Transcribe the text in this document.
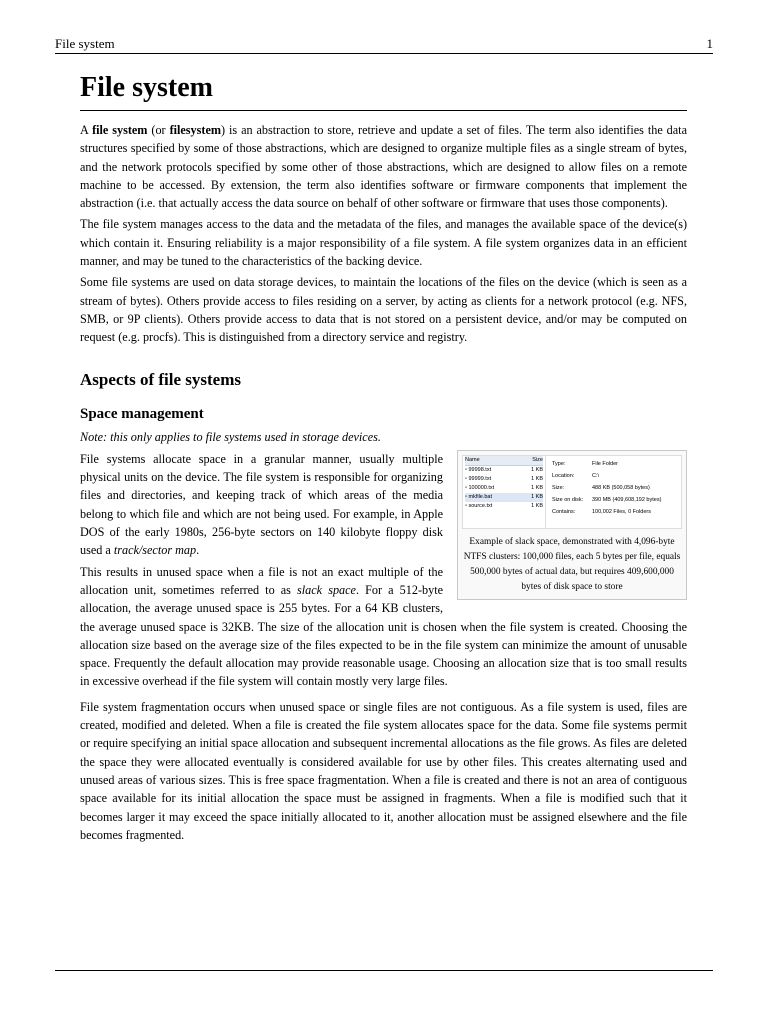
File system	1
File system

A file system (or filesystem) is an abstraction to store, retrieve and update a set of files. The term also identifies the data structures specified by some of those abstractions, which are designed to organize multiple files as a single stream of bytes, and the network protocols specified by some other of those abstractions, which are designed to allow files on a remote machine to be accessed. By extension, the term also identifies software or firmware components that implement the abstraction (i.e. that actually access the data source on behalf of other software or firmware that uses those components).

The file system manages access to the data and the metadata of the files, and manages the available space of the device(s) which contain it. Ensuring reliability is a major responsibility of a file system. A file system organizes data in an efficient manner, and may be tuned to the characteristics of the backing device.

Some file systems are used on data storage devices, to maintain the locations of the files on the device (which is seen as a stream of bytes). Others provide access to files residing on a server, by acting as clients for a network protocol (e.g. NFS, SMB, or 9P clients). Others provide access to data that is not stored on a persistent device, and/or may be computed on request (e.g. procfs). This is distinguished from a directory service and registry.

Aspects of file systems
Space management

Note: this only applies to file systems used in storage devices.

Name	Size
▫ 99998.txt	1 KB
▫ 99999.txt	1 KB
▫ 100000.txt	1 KB
▫ mkfile.bat	1 KB
▫ source.txt	1 KB
Type:	File Folder
Location:	C:\
Size:	488 KB (500,058 bytes)
Size on disk:	390 MB (409,608,192 bytes)
Contains:	100,002 Files, 0 Folders
Example of slack space, demonstrated with 4,096-byte NTFS clusters: 100,000 files, each 5 bytes per file, equals 500,000 bytes of actual data, but requires 409,600,000 bytes of disk space to store

File systems allocate space in a granular manner, usually multiple physical units on the device. The file system is responsible for organizing files and directories, and keeping track of which areas of the media belong to which file and which are not being used. For example, in Apple DOS of the early 1980s, 256-byte sectors on 140 kilobyte floppy disk used a track/sector map.

This results in unused space when a file is not an exact multiple of the allocation unit, sometimes referred to as slack space. For a 512-byte allocation, the average unused space is 255 bytes. For a 64 KB clusters, the average unused space is 32KB. The size of the allocation unit is chosen when the file system is created. Choosing the allocation size based on the average size of the files expected to be in the file system can minimize the amount of unusable space. Frequently the default allocation may provide reasonable usage. Choosing an allocation size that is too small results in excessive overhead if the file system will contain mostly very large files.

File system fragmentation occurs when unused space or single files are not contiguous. As a file system is used, files are created, modified and deleted. When a file is created the file system allocates space for the data. Some file systems permit or require specifying an initial space allocation and subsequent incremental allocations as the file grows. As files are deleted the space they were allocated eventually is considered available for use by other files. This creates alternating used and unused areas of various sizes. This is free space fragmentation. When a file is created and there is not an area of contiguous space available for its initial allocation the space must be assigned in fragments. When a file is modified such that it becomes larger it may exceed the space initially allocated to it, another allocation must be assigned elsewhere and the file becomes fragmented.
